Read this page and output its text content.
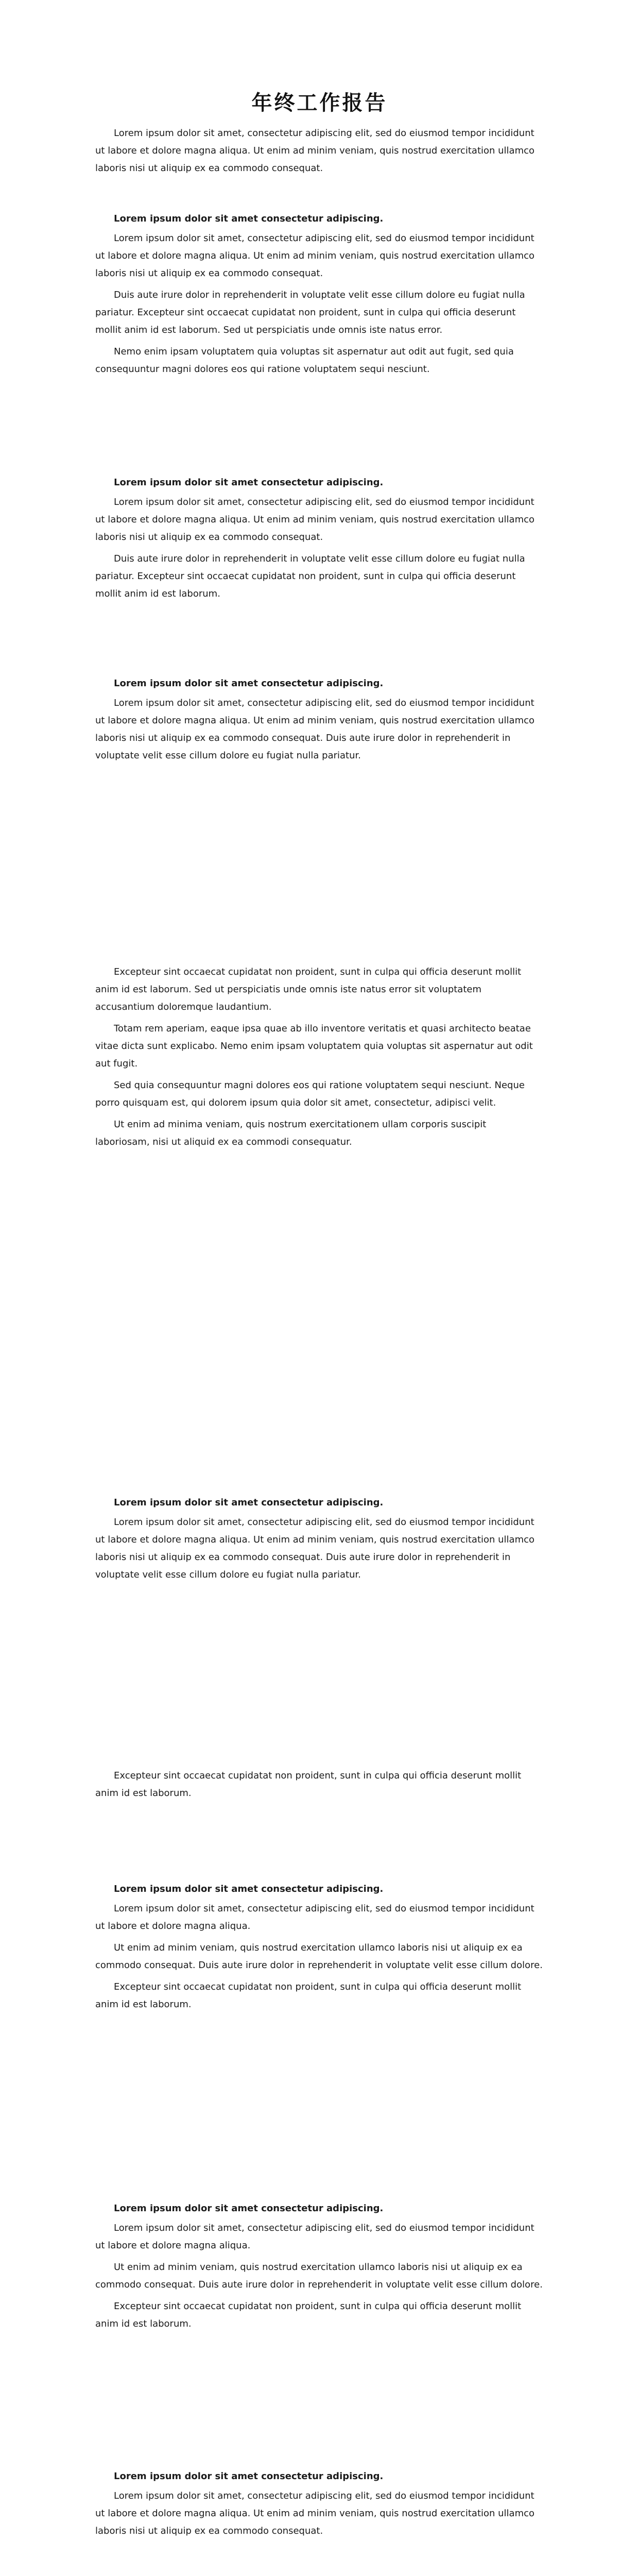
年终工作报告

Lorem ipsum dolor sit amet, consectetur adipiscing elit, sed do eiusmod tempor incididunt ut labore et dolore magna aliqua. Ut enim ad minim veniam, quis nostrud exercitation ullamco laboris nisi ut aliquip ex ea commodo consequat.

Lorem ipsum dolor sit amet consectetur adipiscing.

Lorem ipsum dolor sit amet, consectetur adipiscing elit, sed do eiusmod tempor incididunt ut labore et dolore magna aliqua. Ut enim ad minim veniam, quis nostrud exercitation ullamco laboris nisi ut aliquip ex ea commodo consequat.

Duis aute irure dolor in reprehenderit in voluptate velit esse cillum dolore eu fugiat nulla pariatur. Excepteur sint occaecat cupidatat non proident, sunt in culpa qui officia deserunt mollit anim id est laborum. Sed ut perspiciatis unde omnis iste natus error.

Nemo enim ipsam voluptatem quia voluptas sit aspernatur aut odit aut fugit, sed quia consequuntur magni dolores eos qui ratione voluptatem sequi nesciunt.

Lorem ipsum dolor sit amet consectetur adipiscing.

Lorem ipsum dolor sit amet, consectetur adipiscing elit, sed do eiusmod tempor incididunt ut labore et dolore magna aliqua. Ut enim ad minim veniam, quis nostrud exercitation ullamco laboris nisi ut aliquip ex ea commodo consequat.

Duis aute irure dolor in reprehenderit in voluptate velit esse cillum dolore eu fugiat nulla pariatur. Excepteur sint occaecat cupidatat non proident, sunt in culpa qui officia deserunt mollit anim id est laborum.

Lorem ipsum dolor sit amet consectetur adipiscing.

Lorem ipsum dolor sit amet, consectetur adipiscing elit, sed do eiusmod tempor incididunt ut labore et dolore magna aliqua. Ut enim ad minim veniam, quis nostrud exercitation ullamco laboris nisi ut aliquip ex ea commodo consequat. Duis aute irure dolor in reprehenderit in voluptate velit esse cillum dolore eu fugiat nulla pariatur.

Excepteur sint occaecat cupidatat non proident, sunt in culpa qui officia deserunt mollit anim id est laborum. Sed ut perspiciatis unde omnis iste natus error sit voluptatem accusantium doloremque laudantium.

Totam rem aperiam, eaque ipsa quae ab illo inventore veritatis et quasi architecto beatae vitae dicta sunt explicabo. Nemo enim ipsam voluptatem quia voluptas sit aspernatur aut odit aut fugit.

Sed quia consequuntur magni dolores eos qui ratione voluptatem sequi nesciunt. Neque porro quisquam est, qui dolorem ipsum quia dolor sit amet, consectetur, adipisci velit.

Ut enim ad minima veniam, quis nostrum exercitationem ullam corporis suscipit laboriosam, nisi ut aliquid ex ea commodi consequatur.

Lorem ipsum dolor sit amet consectetur adipiscing.

Lorem ipsum dolor sit amet, consectetur adipiscing elit, sed do eiusmod tempor incididunt ut labore et dolore magna aliqua. Ut enim ad minim veniam, quis nostrud exercitation ullamco laboris nisi ut aliquip ex ea commodo consequat. Duis aute irure dolor in reprehenderit in voluptate velit esse cillum dolore eu fugiat nulla pariatur.

Excepteur sint occaecat cupidatat non proident, sunt in culpa qui officia deserunt mollit anim id est laborum.

Lorem ipsum dolor sit amet consectetur adipiscing.

Lorem ipsum dolor sit amet, consectetur adipiscing elit, sed do eiusmod tempor incididunt ut labore et dolore magna aliqua.

Ut enim ad minim veniam, quis nostrud exercitation ullamco laboris nisi ut aliquip ex ea commodo consequat. Duis aute irure dolor in reprehenderit in voluptate velit esse cillum dolore.

Excepteur sint occaecat cupidatat non proident, sunt in culpa qui officia deserunt mollit anim id est laborum.

Lorem ipsum dolor sit amet consectetur adipiscing.

Lorem ipsum dolor sit amet, consectetur adipiscing elit, sed do eiusmod tempor incididunt ut labore et dolore magna aliqua.

Ut enim ad minim veniam, quis nostrud exercitation ullamco laboris nisi ut aliquip ex ea commodo consequat. Duis aute irure dolor in reprehenderit in voluptate velit esse cillum dolore.

Excepteur sint occaecat cupidatat non proident, sunt in culpa qui officia deserunt mollit anim id est laborum.

Lorem ipsum dolor sit amet consectetur adipiscing.

Lorem ipsum dolor sit amet, consectetur adipiscing elit, sed do eiusmod tempor incididunt ut labore et dolore magna aliqua. Ut enim ad minim veniam, quis nostrud exercitation ullamco laboris nisi ut aliquip ex ea commodo consequat.
